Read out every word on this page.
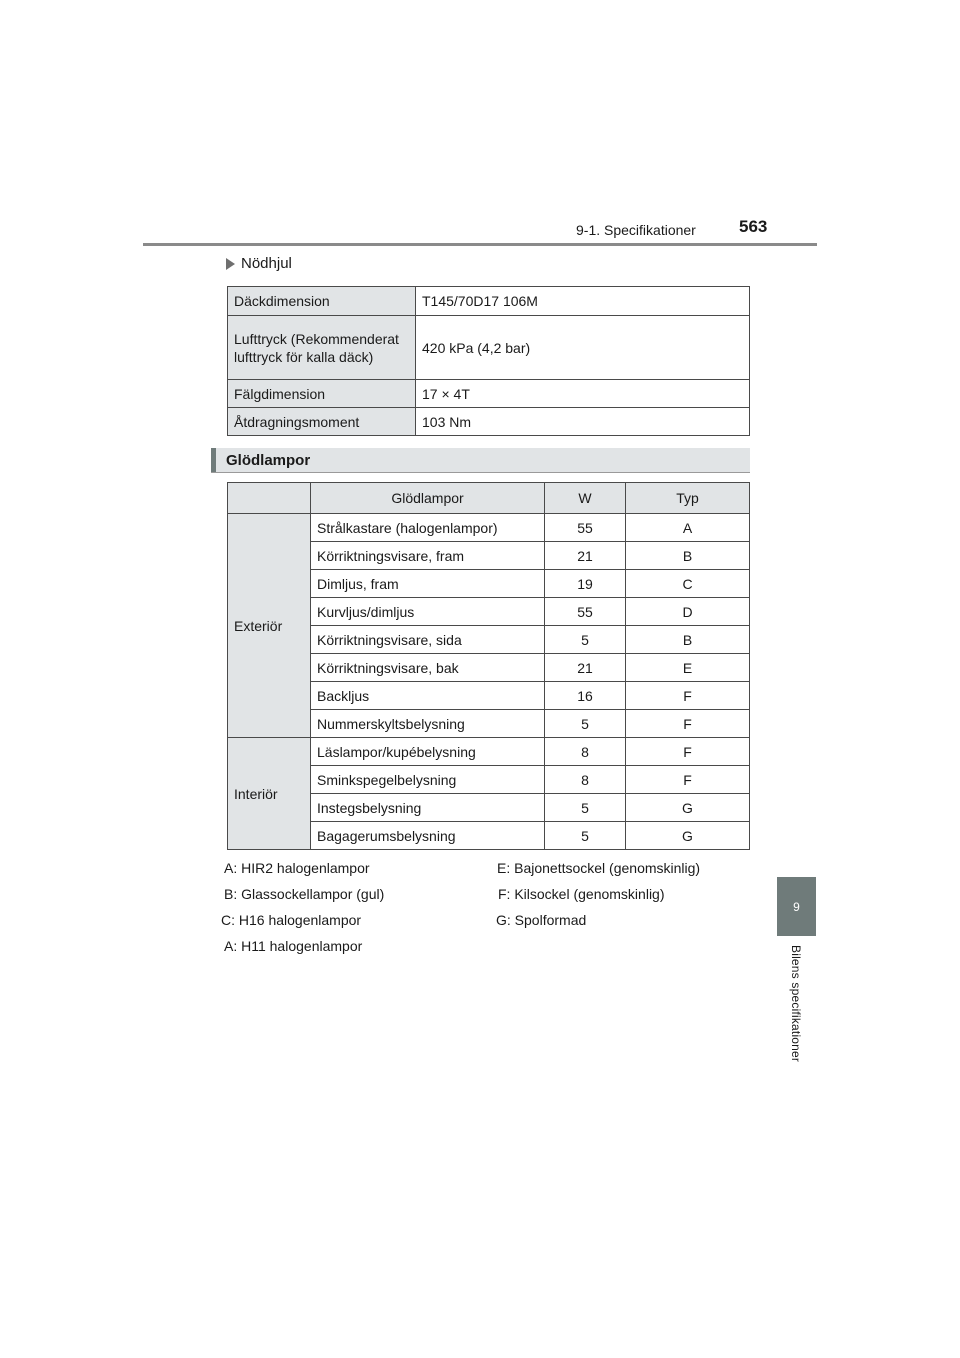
9-1. Specifikationer	563
9
Bilens specifikationer
Nödhjul
Däckdimension	T145/70D17 106M
Lufttryck (Rekommenderat lufttryck för kalla däck)	420 kPa (4,2 bar)
Fälgdimension	17 × 4T
Åtdragningsmoment	103 Nm
Glödlampor
	Glödlampor	W	Typ
Exteriör	Strålkastare (halogenlampor)	55	A
	Körriktningsvisare, fram	21	B
	Dimljus, fram	19	C
	Kurvljus/dimljus	55	D
	Körriktningsvisare, sida	5	B
	Körriktningsvisare, bak	21	E
	Backljus	16	F
	Nummerskyltsbelysning	5	F
Interiör	Läslampor/kupébelysning	8	F
	Sminkspegelbelysning	8	F
	Instegsbelysning	5	G
	Bagagerumsbelysning	5	G
A: HIR2 halogenlampor
B: Glassockellampor (gul)
C: H16 halogenlampor
A: H11 halogenlampor
E: Bajonettsockel (genomskinlig)
F: Kilsockel (genomskinlig)
G: Spolformad
